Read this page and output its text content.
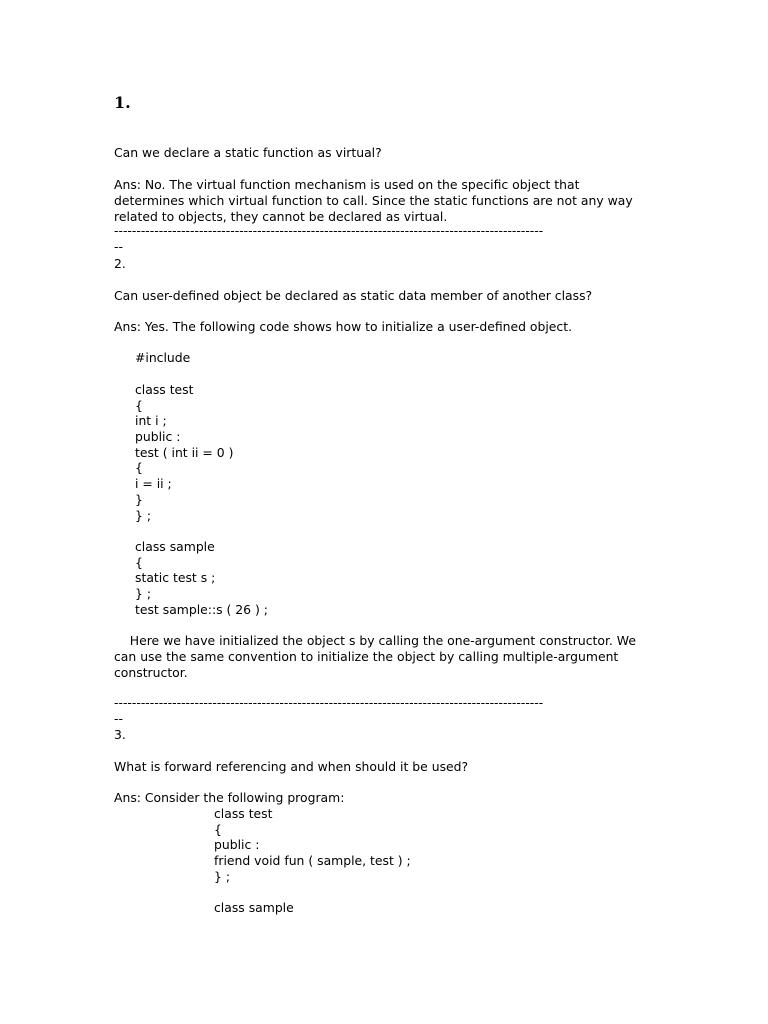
1.

Can we declare a static function as virtual?

Ans: No. The virtual function mechanism is used on the specific object that

determines which virtual function to call. Since the static functions are not any way

related to objects, they cannot be declared as virtual.

------------------------------------------------------------------------------------------------

--

2.

Can user-defined object be declared as static data member of another class?

Ans: Yes. The following code shows how to initialize a user-defined object.

#include

class test

{

int i ;

public :

test ( int ii = 0 )

{

i = ii ;

}

} ;

class sample

{

static test s ;

} ;

test sample::s ( 26 ) ;

Here we have initialized the object s by calling the one-argument constructor. We

can use the same convention to initialize the object by calling multiple-argument

constructor.

------------------------------------------------------------------------------------------------

--

3.

What is forward referencing and when should it be used?

Ans: Consider the following program:

class test

{

public :

friend void fun ( sample, test ) ;

} ;

class sample
